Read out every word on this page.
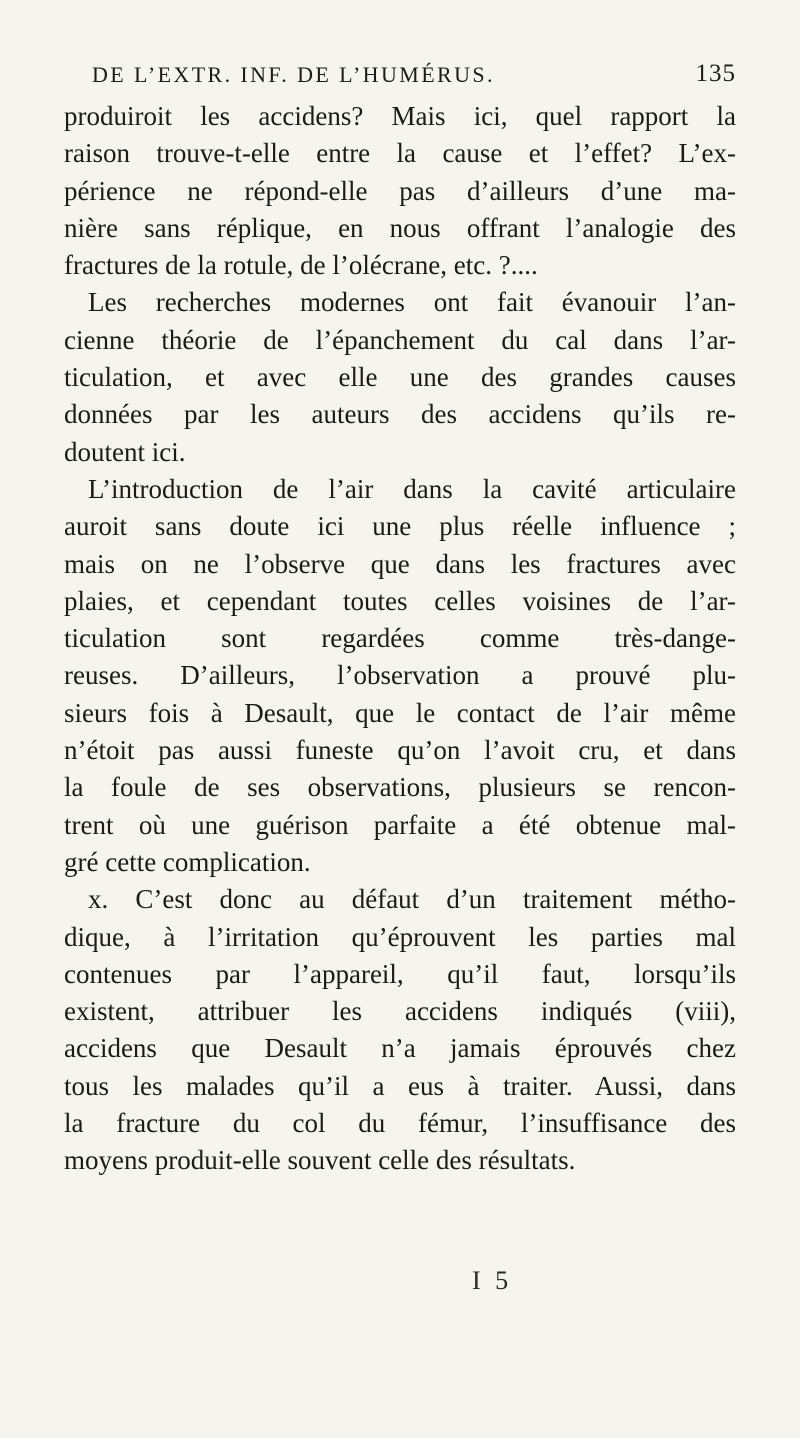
DE L’EXTR. INF. DE L’HUMÉRUS.	135
produiroit les accidens? Mais ici, quel rapport la
raison trouve-t-elle entre la cause et l’effet? L’ex-
périence ne répond-elle pas d’ailleurs d’une ma-
nière sans réplique, en nous offrant l’analogie des
fractures de la rotule, de l’olécrane, etc. ?....
Les recherches modernes ont fait évanouir l’an-
cienne théorie de l’épanchement du cal dans l’ar-
ticulation, et avec elle une des grandes causes
données par les auteurs des accidens qu’ils re-
doutent ici.
L’introduction de l’air dans la cavité articulaire
auroit sans doute ici une plus réelle influence ;
mais on ne l’observe que dans les fractures avec
plaies, et cependant toutes celles voisines de l’ar-
ticulation sont regardées comme très-dange-
reuses. D’ailleurs, l’observation a prouvé plu-
sieurs fois à Desault, que le contact de l’air même
n’étoit pas aussi funeste qu’on l’avoit cru, et dans
la foule de ses observations, plusieurs se rencon-
trent où une guérison parfaite a été obtenue mal-
gré cette complication.
x. C’est donc au défaut d’un traitement métho-
dique, à l’irritation qu’éprouvent les parties mal
contenues par l’appareil, qu’il faut, lorsqu’ils
existent, attribuer les accidens indiqués (viii),
accidens que Desault n’a jamais éprouvés chez
tous les malades qu’il a eus à traiter. Aussi, dans
la fracture du col du fémur, l’insuffisance des
moyens produit-elle souvent celle des résultats.
I 5
